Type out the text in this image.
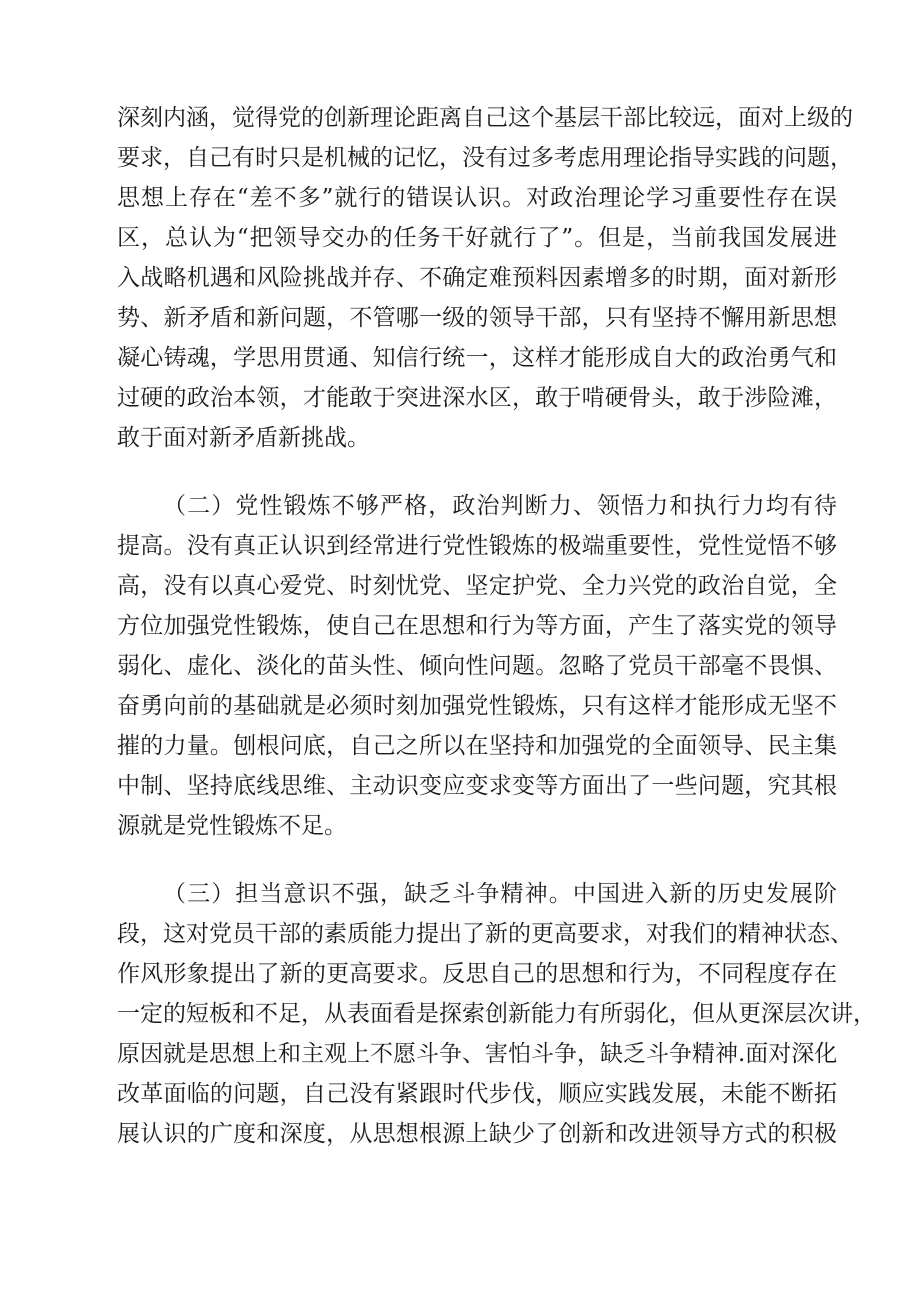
深刻内涵，觉得党的创新理论距离自己这个基层干部比较远，面对上级的

要求，自己有时只是机械的记忆，没有过多考虑用理论指导实践的问题，

思想上存在“差不多”就行的错误认识。对政治理论学习重要性存在误

区，总认为“把领导交办的任务干好就行了”。但是，当前我国发展进

入战略机遇和风险挑战并存、不确定难预料因素增多的时期，面对新形

势、新矛盾和新问题，不管哪一级的领导干部，只有坚持不懈用新思想

凝心铸魂，学思用贯通、知信行统一，这样才能形成自大的政治勇气和

过硬的政治本领，才能敢于突进深水区，敢于啃硬骨头，敢于涉险滩，

敢于面对新矛盾新挑战。

（二）党性锻炼不够严格，政治判断力、领悟力和执行力均有待

提高。没有真正认识到经常进行党性锻炼的极端重要性，党性觉悟不够

高，没有以真心爱党、时刻忧党、坚定护党、全力兴党的政治自觉，全

方位加强党性锻炼，使自己在思想和行为等方面，产生了落实党的领导

弱化、虚化、淡化的苗头性、倾向性问题。忽略了党员干部毫不畏惧、

奋勇向前的基础就是必须时刻加强党性锻炼，只有这样才能形成无坚不

摧的力量。刨根问底，自己之所以在坚持和加强党的全面领导、民主集

中制、坚持底线思维、主动识变应变求变等方面出了一些问题，究其根

源就是党性锻炼不足。

（三）担当意识不强，缺乏斗争精神。中国进入新的历史发展阶

段，这对党员干部的素质能力提出了新的更高要求，对我们的精神状态、

作风形象提出了新的更高要求。反思自己的思想和行为，不同程度存在

一定的短板和不足，从表面看是探索创新能力有所弱化，但从更深层次讲，

原因就是思想上和主观上不愿斗争、害怕斗争，缺乏斗争精神.面对深化

改革面临的问题，自己没有紧跟时代步伐，顺应实践发展，未能不断拓

展认识的广度和深度，从思想根源上缺少了创新和改进领导方式的积极
